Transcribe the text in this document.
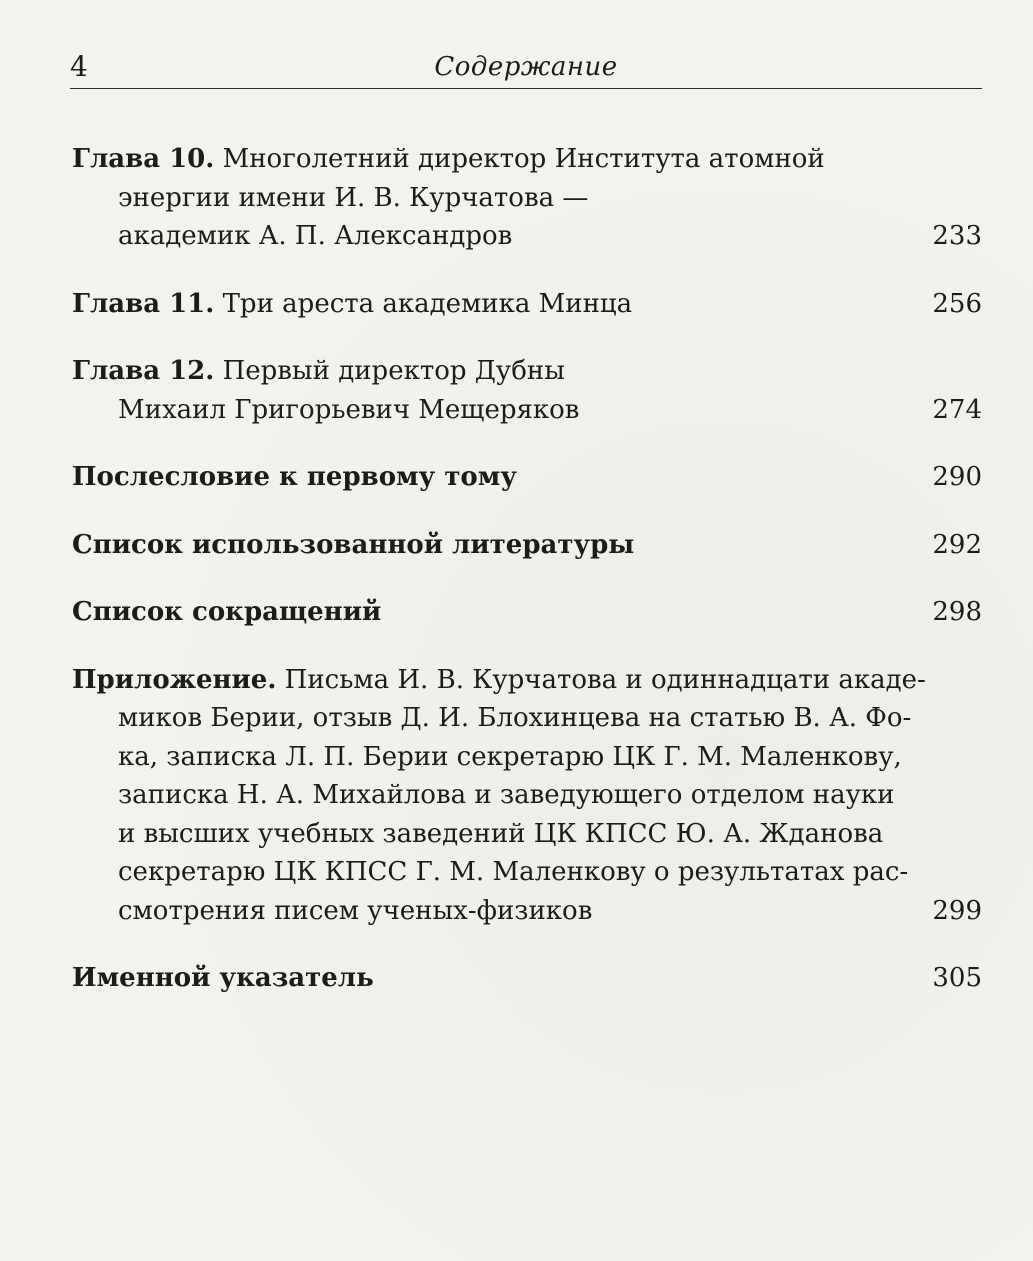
4	Содержание
Глава 10. Многолетний директор Института атомной
энергии имени И. В. Курчатова —
академик А. П. Александров	233
Глава 11. Три ареста академика Минца	256
Глава 12. Первый директор Дубны
Михаил Григорьевич Мещеряков	274
Послесловие к первому тому	290
Список использованной литературы	292
Список сокращений	298
Приложение. Письма И. В. Курчатова и одиннадцати акаде-
миков Берии, отзыв Д. И. Блохинцева на статью В. А. Фо-
ка, записка Л. П. Берии секретарю ЦК Г. М. Маленкову,
записка Н. А. Михайлова и заведующего отделом науки
и высших учебных заведений ЦК КПСС Ю. А. Жданова
секретарю ЦК КПСС Г. М. Маленкову о результатах рас-
смотрения писем ученых-физиков	299
Именной указатель	305
